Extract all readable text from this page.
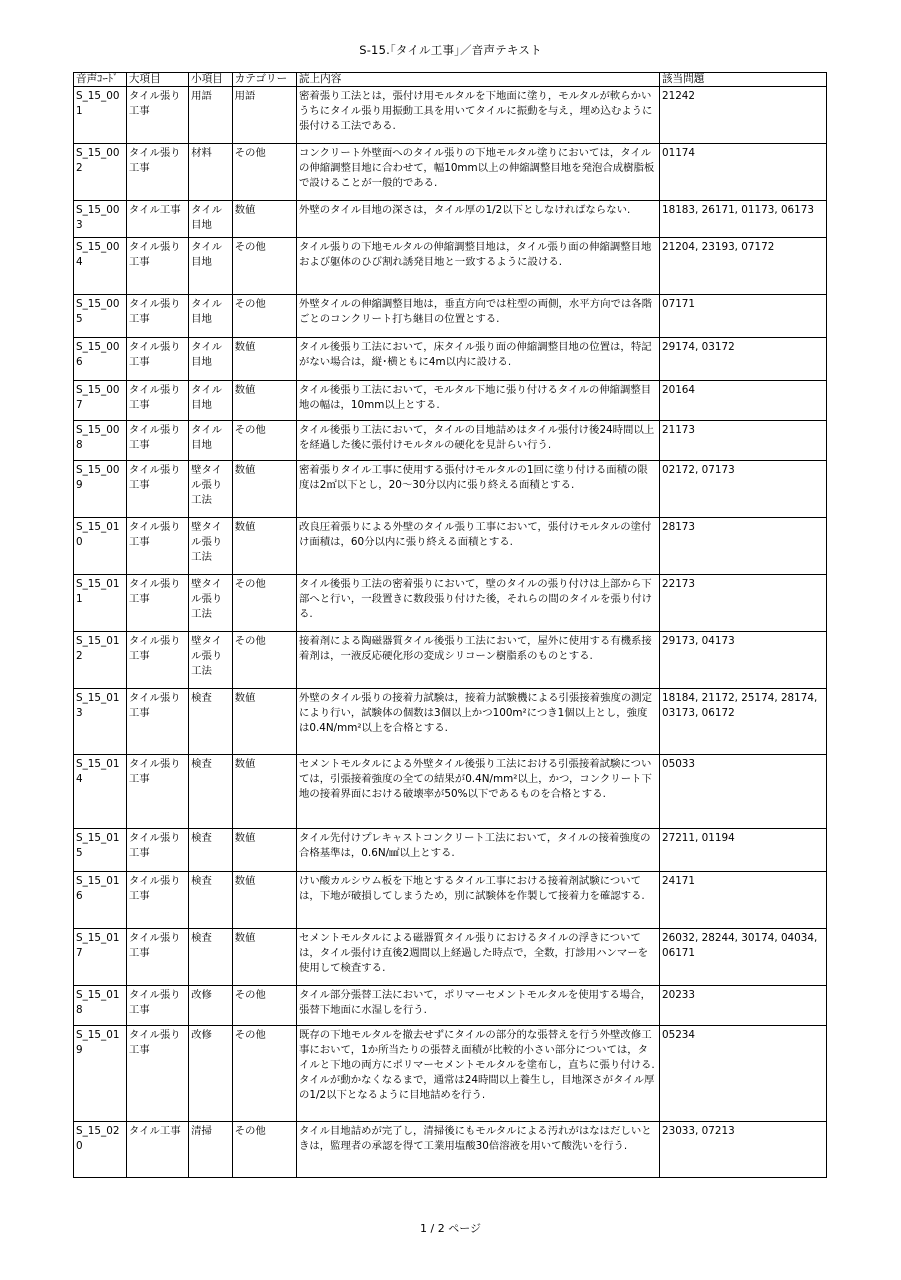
S-15.｢タイル工事｣／音声テキスト
音声ｺｰﾄﾞ	大項目	小項目	カテゴリー	読上内容	該当問題
S_15_001	タイル張り工事	用語	用語	密着張り工法とは，張付け用モルタルを下地面に塗り，モルタルが軟らかいうちにタイル張り用振動工具を用いてタイルに振動を与え，埋め込むように張付ける工法である.	21242
S_15_002	タイル張り工事	材料	その他	コンクリート外壁面へのタイル張りの下地モルタル塗りにおいては，タイルの伸縮調整目地に合わせて，幅10mm以上の伸縮調整目地を発泡合成樹脂板で設けることが一般的である.	01174
S_15_003	タイル工事	タイル目地	数値	外壁のタイル目地の深さは，タイル厚の1/2以下としなければならない.	18183, 26171, 01173, 06173
S_15_004	タイル張り工事	タイル目地	その他	タイル張りの下地モルタルの伸縮調整目地は，タイル張り面の伸縮調整目地および躯体のひび割れ誘発目地と一致するように設ける.	21204, 23193, 07172
S_15_005	タイル張り工事	タイル目地	その他	外壁タイルの伸縮調整目地は，垂直方向では柱型の両側，水平方向では各階ごとのコンクリート打ち継目の位置とする.	07171
S_15_006	タイル張り工事	タイル目地	数値	タイル後張り工法において，床タイル張り面の伸縮調整目地の位置は，特記がない場合は，縦･横ともに4m以内に設ける.	29174, 03172
S_15_007	タイル張り工事	タイル目地	数値	タイル後張り工法において，モルタル下地に張り付けるタイルの伸縮調整目地の幅は，10mm以上とする.	20164
S_15_008	タイル張り工事	タイル目地	その他	タイル後張り工法において，タイルの目地詰めはタイル張付け後24時間以上を経過した後に張付けモルタルの硬化を見計らい行う.	21173
S_15_009	タイル張り工事	壁タイル張り工法	数値	密着張りタイル工事に使用する張付けモルタルの1回に塗り付ける面積の限度は2㎡以下とし，20～30分以内に張り終える面積とする.	02172, 07173
S_15_010	タイル張り工事	壁タイル張り工法	数値	改良圧着張りによる外壁のタイル張り工事において，張付けモルタルの塗付け面積は，60分以内に張り終える面積とする.	28173
S_15_011	タイル張り工事	壁タイル張り工法	その他	タイル後張り工法の密着張りにおいて，壁のタイルの張り付けは上部から下部へと行い，一段置きに数段張り付けた後，それらの間のタイルを張り付ける.	22173
S_15_012	タイル張り工事	壁タイル張り工法	その他	接着剤による陶磁器質タイル後張り工法において，屋外に使用する有機系接着剤は，一液反応硬化形の変成シリコーン樹脂系のものとする.	29173, 04173
S_15_013	タイル張り工事	検査	数値	外壁のタイル張りの接着力試験は，接着力試験機による引張接着強度の測定により行い，試験体の個数は3個以上かつ100m²につき1個以上とし，強度は0.4N/mm²以上を合格とする.	18184, 21172, 25174, 28174, 03173, 06172
S_15_014	タイル張り工事	検査	数値	セメントモルタルによる外壁タイル後張り工法における引張接着試験については，引張接着強度の全ての結果が0.4N/mm²以上，かつ，コンクリート下地の接着界面における破壊率が50%以下であるものを合格とする.	05033
S_15_015	タイル張り工事	検査	数値	タイル先付けプレキャストコンクリート工法において，タイルの接着強度の合格基準は，0.6N/㎟以上とする.	27211, 01194
S_15_016	タイル張り工事	検査	数値	けい酸カルシウム板を下地とするタイル工事における接着剤試験については，下地が破損してしまうため，別に試験体を作製して接着力を確認する.	24171
S_15_017	タイル張り工事	検査	数値	セメントモルタルによる磁器質タイル張りにおけるタイルの浮きについては，タイル張付け直後2週間以上経過した時点で，全数，打診用ハンマーを使用して検査する.	26032, 28244, 30174, 04034, 06171
S_15_018	タイル張り工事	改修	その他	タイル部分張替工法において，ポリマーセメントモルタルを使用する場合，張替下地面に水湿しを行う.	20233
S_15_019	タイル張り工事	改修	その他	既存の下地モルタルを撤去せずにタイルの部分的な張替えを行う外壁改修工事において，1か所当たりの張替え面積が比較的小さい部分については，タイルと下地の両方にポリマーセメントモルタルを塗布し，直ちに張り付ける. タイルが動かなくなるまで，通常は24時間以上養生し，目地深さがタイル厚の1/2以下となるように目地詰めを行う.	05234
S_15_020	タイル工事	清掃	その他	タイル目地詰めが完了し，清掃後にもモルタルによる汚れがはなはだしいときは，監理者の承認を得て工業用塩酸30倍溶液を用いて酸洗いを行う.	23033, 07213
1 / 2 ページ
